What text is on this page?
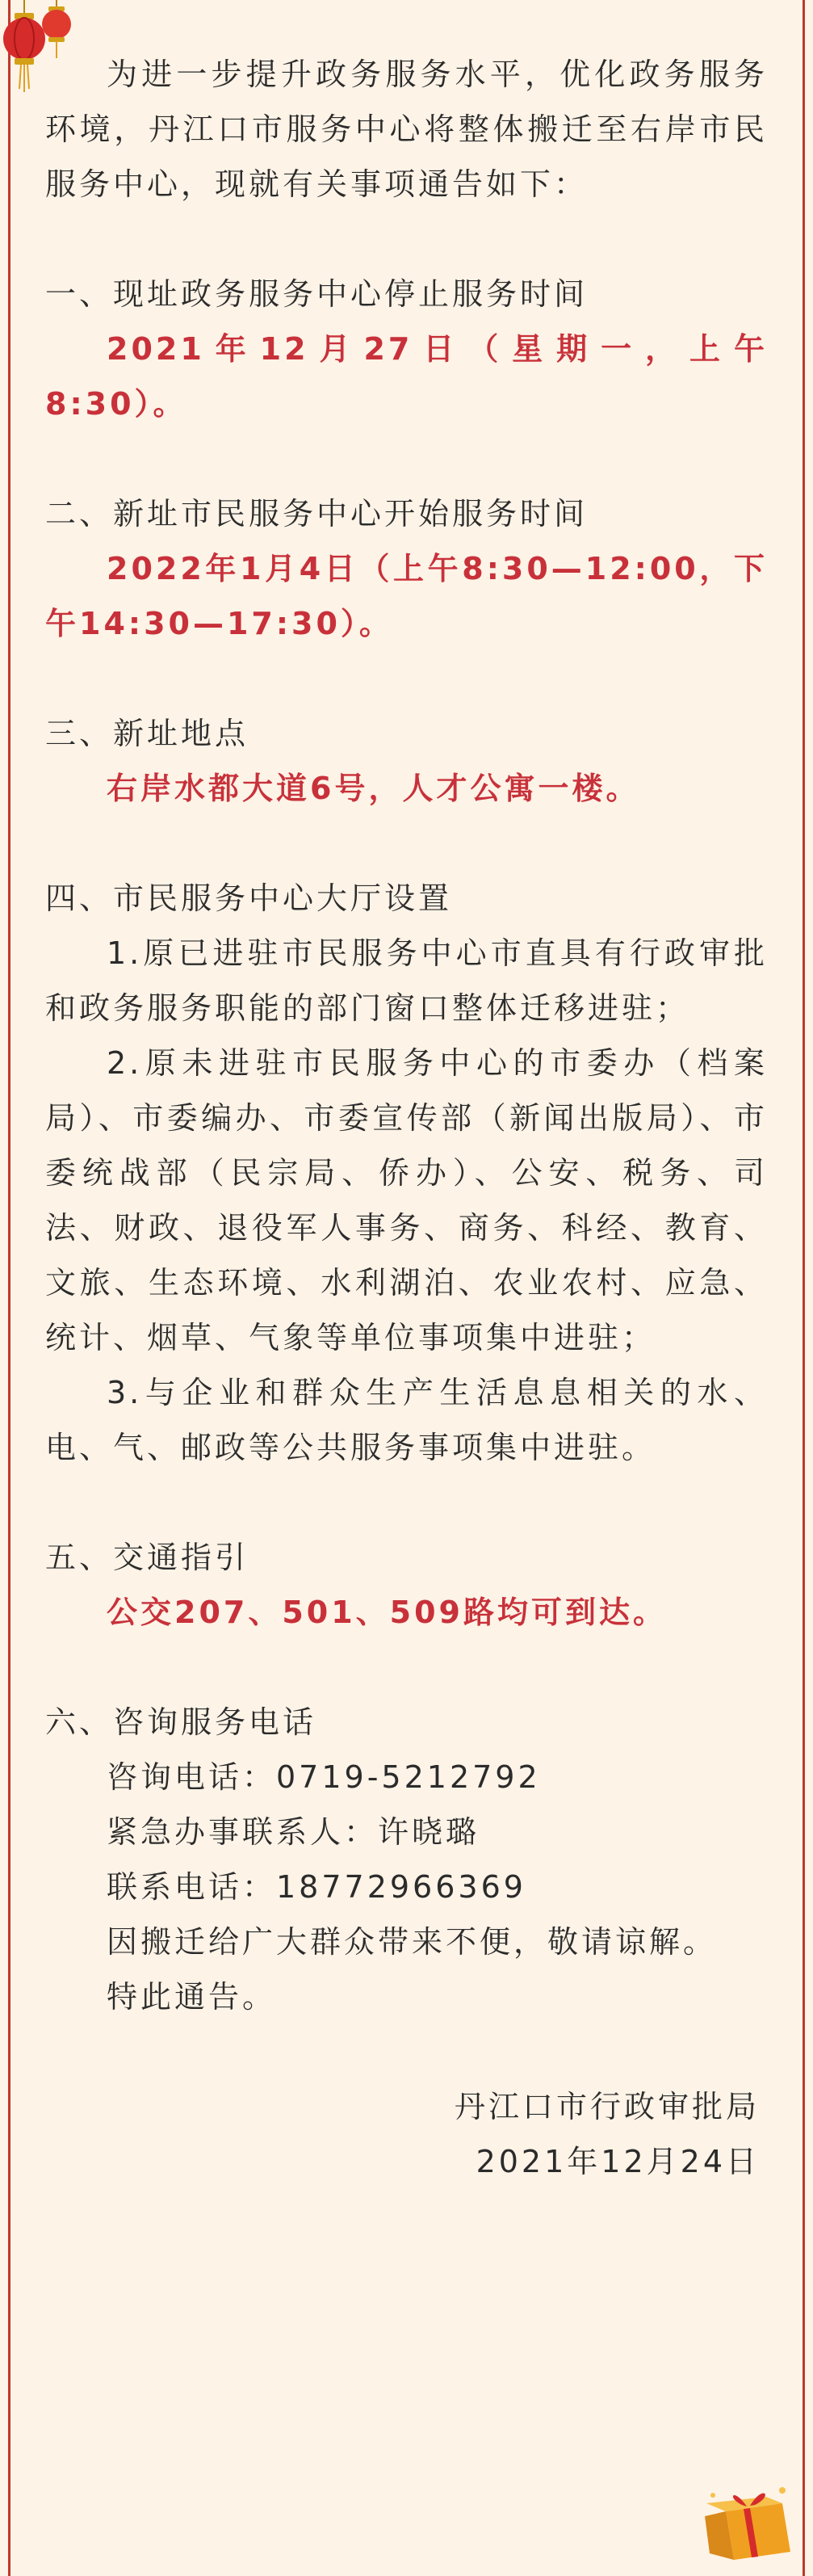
为进一步提升政务服务水平，优化政务服务环境，丹江口市服务中心将整体搬迁至右岸市民服务中心，现就有关事项通告如下：

一、现址政务服务中心停止服务时间

2021年12月27日（星期一，上午8:30）。

二、新址市民服务中心开始服务时间

2022年1月4日（上午8:30—12:00，下午14:30—17:30）。

三、新址地点

右岸水都大道6号，人才公寓一楼。

四、市民服务中心大厅设置

1.原已进驻市民服务中心市直具有行政审批和政务服务职能的部门窗口整体迁移进驻；

2.原未进驻市民服务中心的市委办（档案局）、市委编办、市委宣传部（新闻出版局）、市委统战部（民宗局、侨办）、公安、税务、司法、财政、退役军人事务、商务、科经、教育、文旅、生态环境、水利湖泊、农业农村、应急、统计、烟草、气象等单位事项集中进驻；

3.与企业和群众生产生活息息相关的水、电、气、邮政等公共服务事项集中进驻。

五、交通指引

公交207、501、509路均可到达。

六、咨询服务电话

咨询电话：0719-5212792

紧急办事联系人：许晓璐

联系电话：18772966369

因搬迁给广大群众带来不便，敬请谅解。

特此通告。

丹江口市行政审批局

2021年12月24日
